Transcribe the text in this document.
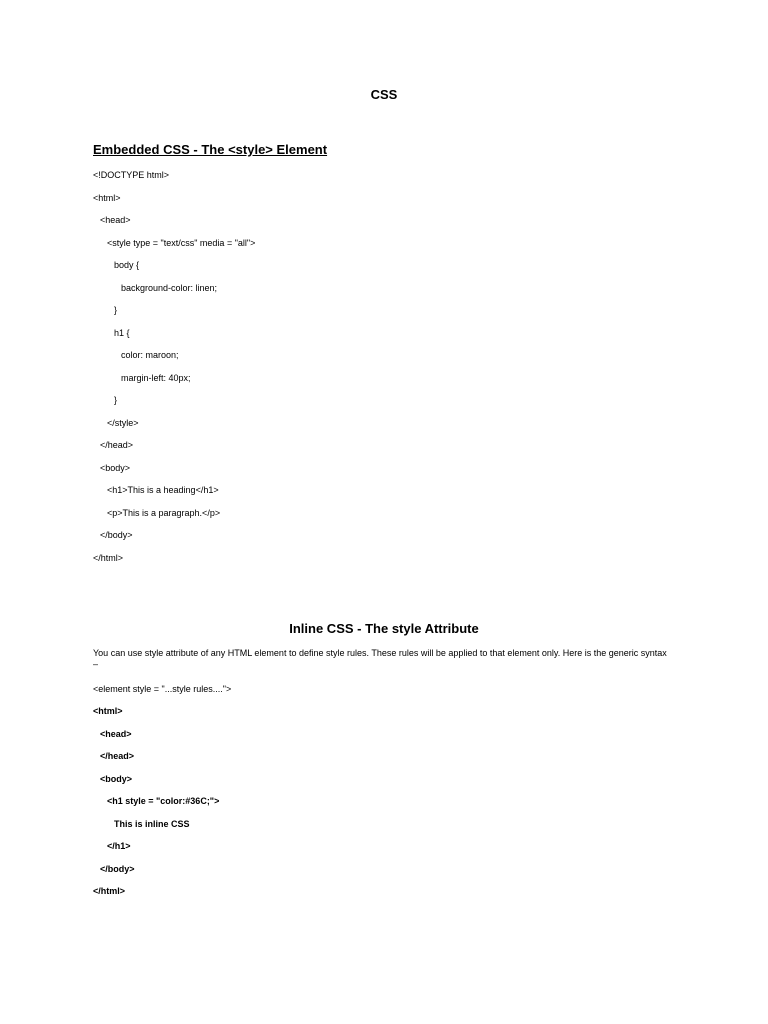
CSS
Embedded CSS - The <style> Element
<!DOCTYPE html>
<html>
<head>
<style type = "text/css" media = "all">
body {
background-color: linen;
}
h1 {
color: maroon;
margin-left: 40px;
}
</style>
</head>
<body>
<h1>This is a heading</h1>
<p>This is a paragraph.</p>
</body>
</html>
Inline CSS - The style Attribute
You can use style attribute of any HTML element to define style rules. These rules will be applied to that element only. Here is the generic syntax –
<element style = "...style rules....">
<html>
<head>
</head>
<body>
<h1 style = "color:#36C;">
This is inline CSS
</h1>
</body>
</html>
